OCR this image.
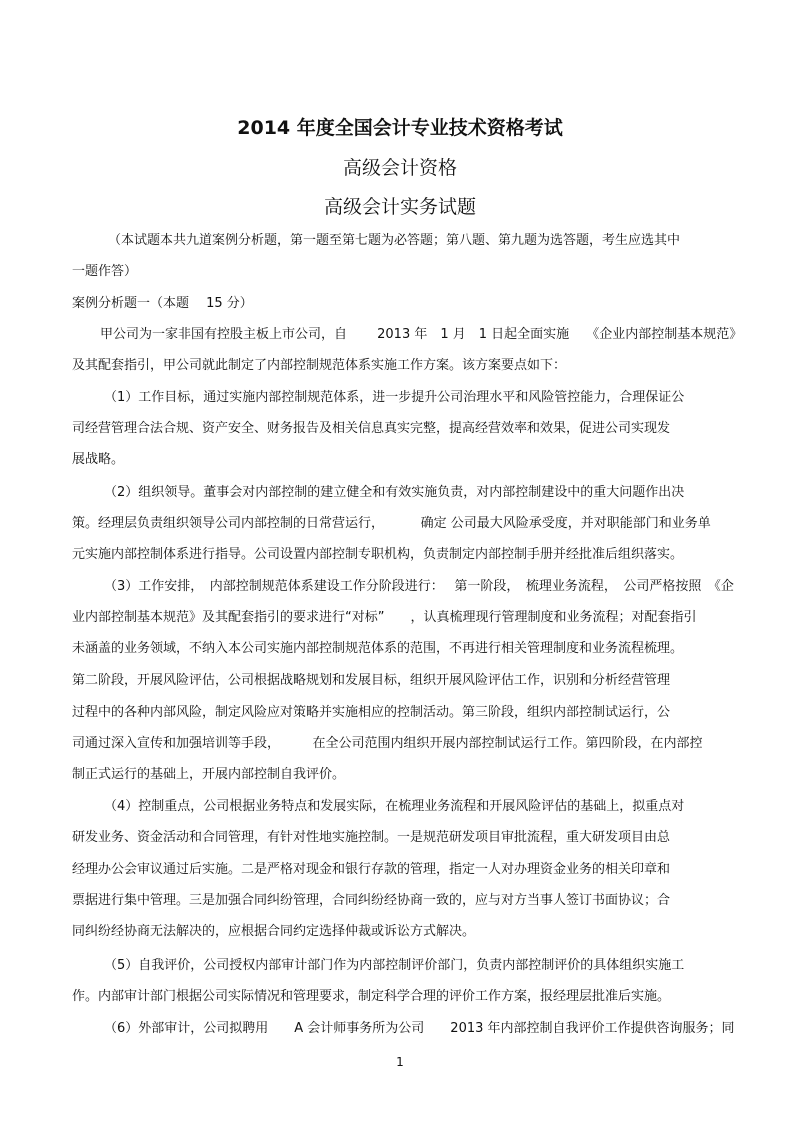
2014 年度全国会计专业技术资格考试
高级会计资格
高级会计实务试题
（本试题本共九道案例分析题，第一题至第七题为必答题；第八题、第九题为选答题，考生应选其中
一题作答）
案例分析题一（本题　 15 分）
甲公司为一家非国有控股主板上市公司，自　　 2013 年　1 月　1 日起全面实施　 《企业内部控制基本规范》
及其配套指引，甲公司就此制定了内部控制规范体系实施工作方案。该方案要点如下：
（1）工作目标，通过实施内部控制规范体系，进一步提升公司治理水平和风险管控能力，合理保证公
司经营管理合法合规、资产安全、财务报告及相关信息真实完整，提高经营效率和效果，促进公司实现发
展战略。
（2）组织领导。董事会对内部控制的建立健全和有效实施负责，对内部控制建设中的重大问题作出决
策。经理层负责组织领导公司内部控制的日常营运行，　　　 确定 公司最大风险承受度，并对职能部门和业务单
元实施内部控制体系进行指导。公司设置内部控制专职机构，负责制定内部控制手册并经批准后组织落实。
（3）工作安排，　内部控制规范体系建设工作分阶段进行：　 第一阶段，　梳理业务流程，　公司严格按照　《企
业内部控制基本规范》及其配套指引的要求进行“对标”　　，认真梳理现行管理制度和业务流程；对配套指引
未涵盖的业务领域，不纳入本公司实施内部控制规范体系的范围，不再进行相关管理制度和业务流程梳理。
第二阶段，开展风险评估，公司根据战略规划和发展目标，组织开展风险评估工作，识别和分析经营管理
过程中的各种内部风险，制定风险应对策略并实施相应的控制活动。第三阶段，组织内部控制试运行，公
司通过深入宣传和加强培训等手段，　　　在全公司范围内组织开展内部控制试运行工作。第四阶段，在内部控
制正式运行的基础上，开展内部控制自我评价。
（4）控制重点，公司根据业务特点和发展实际，在梳理业务流程和开展风险评估的基础上，拟重点对
研发业务、资金活动和合同管理，有针对性地实施控制。一是规范研发项目审批流程，重大研发项目由总
经理办公会审议通过后实施。二是严格对现金和银行存款的管理，指定一人对办理资金业务的相关印章和
票据进行集中管理。三是加强合同纠纷管理，合同纠纷经协商一致的，应与对方当事人签订书面协议；合
同纠纷经协商无法解决的，应根据合同约定选择仲裁或诉讼方式解决。
（5）自我评价，公司授权内部审计部门作为内部控制评价部门，负责内部控制评价的具体组织实施工
作。内部审计部门根据公司实际情况和管理要求，制定科学合理的评价工作方案，报经理层批准后实施。
（6）外部审计，公司拟聘用　　A 会计师事务所为公司　　2013 年内部控制自我评价工作提供咨询服务；同
1
